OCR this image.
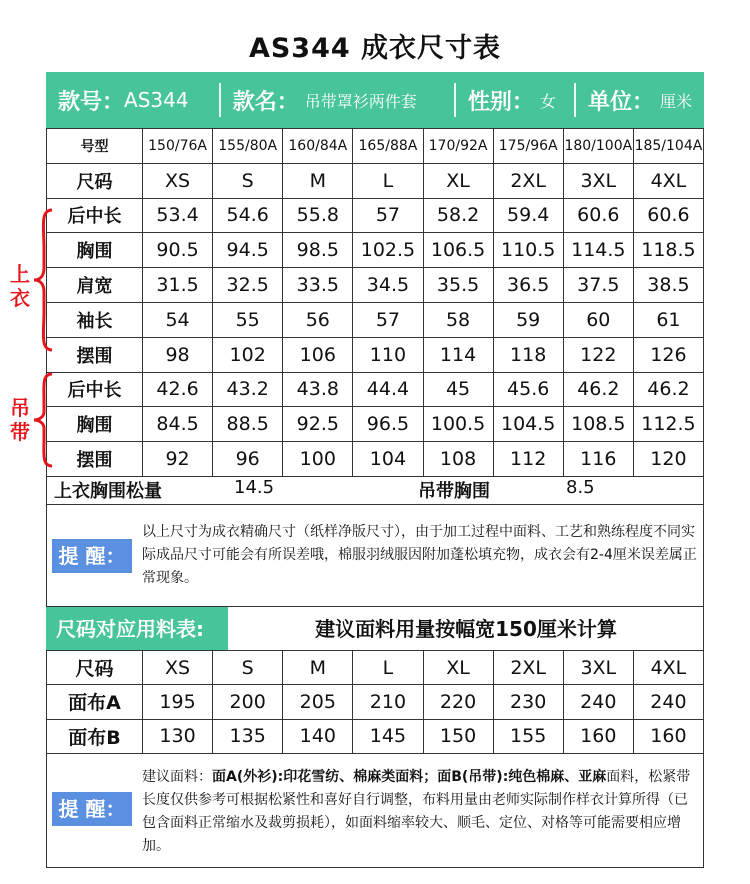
AS344 成衣尺寸表
款号： AS344 款名： 吊带罩衫两件套 性别： 女 单位： 厘米
号型	150/76A	155/80A	160/84A	165/88A	170/92A	175/96A	180/100A	185/104A
尺码	XS	S	M	L	XL	2XL	3XL	4XL
后中长	53.4	54.6	55.8	57	58.2	59.4	60.6	60.6
胸围	90.5	94.5	98.5	102.5	106.5	110.5	114.5	118.5
肩宽	31.5	32.5	33.5	34.5	35.5	36.5	37.5	38.5
袖长	54	55	56	57	58	59	60	61
摆围	98	102	106	110	114	118	122	126
后中长	42.6	43.2	43.8	44.4	45	45.6	46.2	46.2
胸围	84.5	88.5	92.5	96.5	100.5	104.5	108.5	112.5
摆围	92	96	100	104	108	112	116	120
上衣
吊带
上衣胸围松量	14.5	吊带胸围	8.5
提 醒：
以上尺寸为成衣精确尺寸（纸样净版尺寸），由于加工过程中面料、工艺和熟练程度不同实际成品尺寸可能会有所误差哦，棉服羽绒服因附加蓬松填充物，成衣会有2-4厘米误差属正常现象。
尺码对应用料表:	建议面料用量按幅宽150厘米计算
尺码	XS	S	M	L	XL	2XL	3XL	4XL
面布A	195	200	205	210	220	230	240	240
面布B	130	135	140	145	150	155	160	160
提 醒：
建议面料：面A(外衫):印花雪纺、棉麻类面料；面B(吊带):纯色棉麻、亚麻面料，松紧带长度仅供参考可根据松紧性和喜好自行调整，布料用量由老师实际制作样衣计算所得（已包含面料正常缩水及裁剪损耗），如面料缩率较大、顺毛、定位、对格等可能需要相应增加。
